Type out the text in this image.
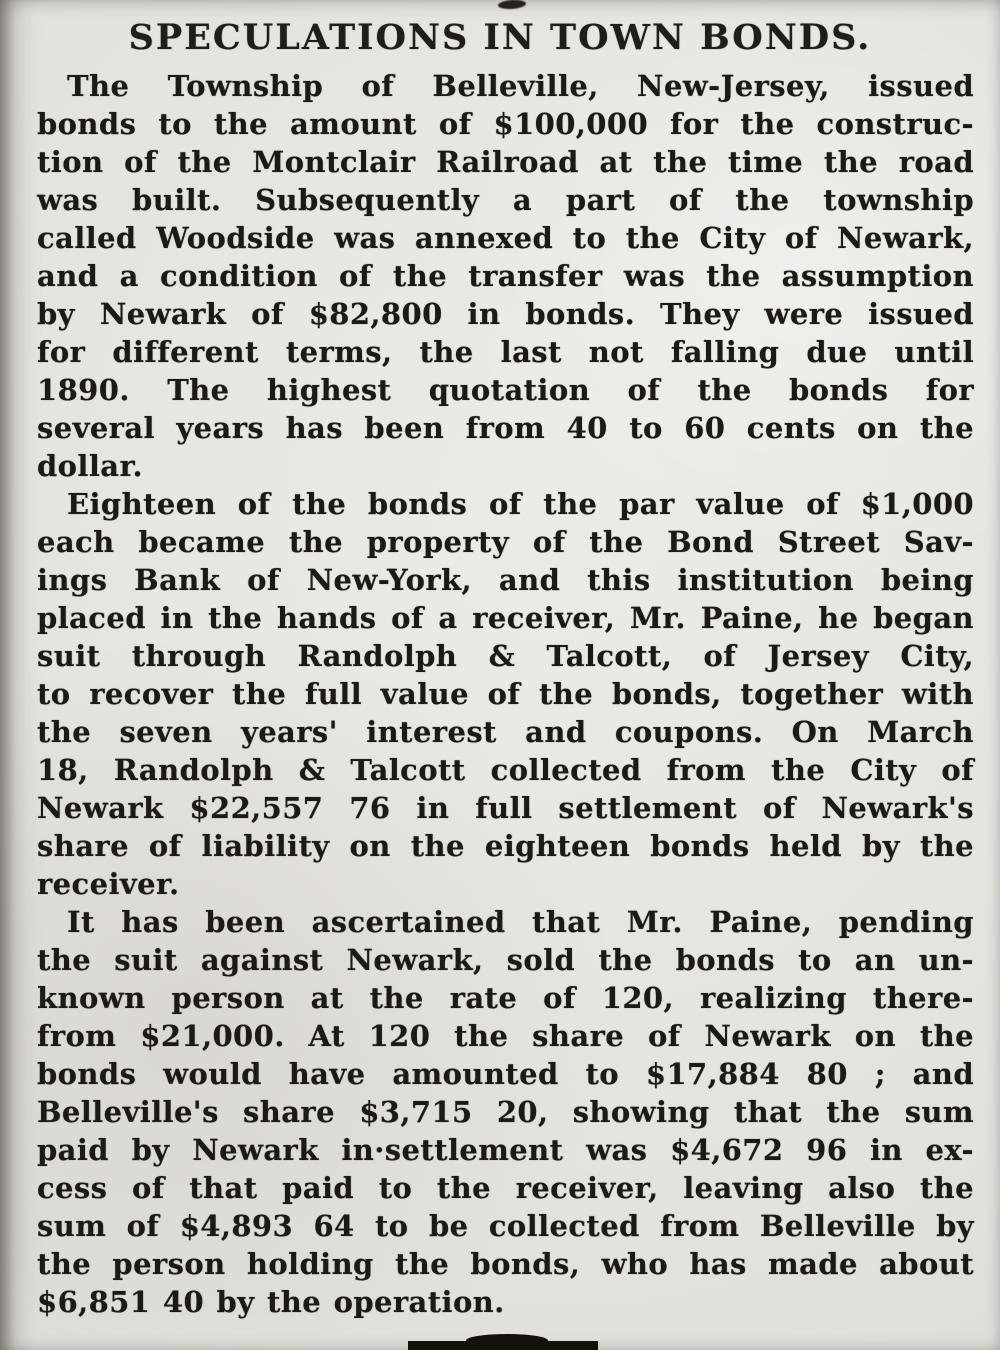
SPECULATIONS IN TOWN BONDS.
The Township of Belleville, New-Jersey, issued
bonds to the amount of $100,000 for the construc-
tion of the Montclair Railroad at the time the road
was built. Subsequently a part of the township
called Woodside was annexed to the City of Newark,
and a condition of the transfer was the assumption
by Newark of $82,800 in bonds. They were issued
for different terms, the last not falling due until
1890. The highest quotation of the bonds for
several years has been from 40 to 60 cents on the
dollar.
Eighteen of the bonds of the par value of $1,000
each became the property of the Bond Street Sav-
ings Bank of New-York, and this institution being
placed in the hands of a receiver, Mr. Paine, he began
suit through Randolph & Talcott, of Jersey City,
to recover the full value of the bonds, together with
the seven years' interest and coupons. On March
18, Randolph & Talcott collected from the City of
Newark $22,557 76 in full settlement of Newark's
share of liability on the eighteen bonds held by the
receiver.
It has been ascertained that Mr. Paine, pending
the suit against Newark, sold the bonds to an un-
known person at the rate of 120, realizing there-
from $21,000. At 120 the share of Newark on the
bonds would have amounted to $17,884 80 ; and
Belleville's share $3,715 20, showing that the sum
paid by Newark in·settlement was $4,672 96 in ex-
cess of that paid to the receiver, leaving also the
sum of $4,893 64 to be collected from Belleville by
the person holding the bonds, who has made about
$6,851 40 by the operation.
